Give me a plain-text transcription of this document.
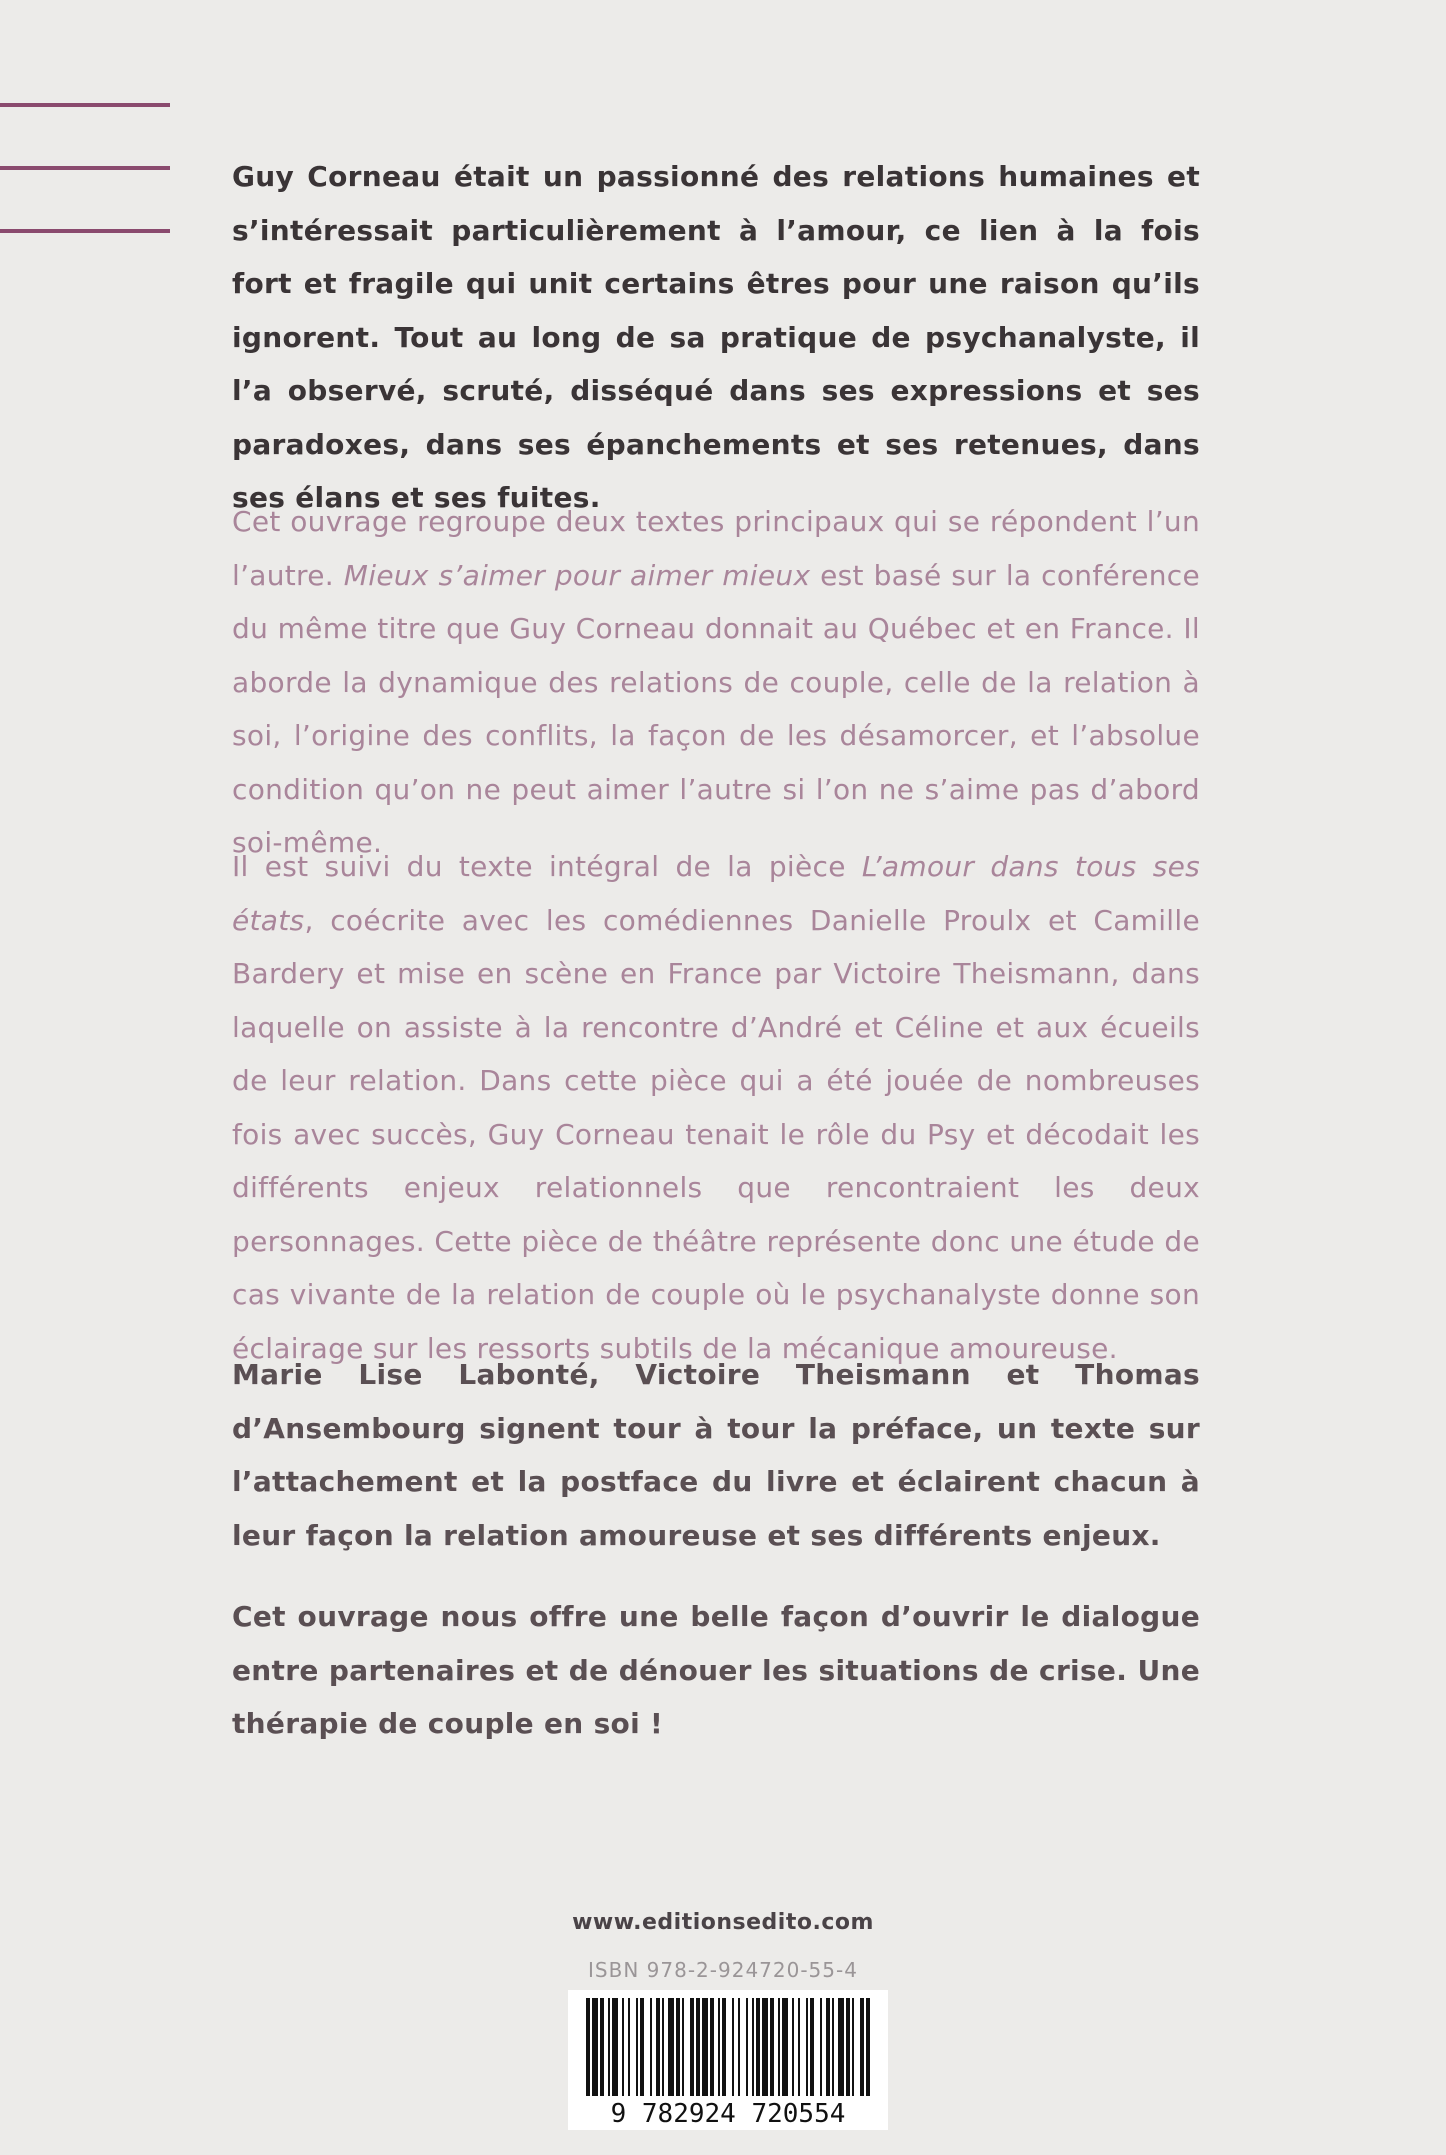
Guy Corneau était un passionné des relations humaines et s’intéressait particulièrement à l’amour, ce lien à la fois fort et fragile qui unit certains êtres pour une raison qu’ils ignorent. Tout au long de sa pratique de psychanalyste, il l’a observé, scruté, disséqué dans ses expressions et ses paradoxes, dans ses épanchements et ses retenues, dans ses élans et ses fuites.

Cet ouvrage regroupe deux textes principaux qui se répondent l’un l’autre. Mieux s’aimer pour aimer mieux est basé sur la conférence du même titre que Guy Corneau donnait au Québec et en France. Il aborde la dynamique des relations de couple, celle de la relation à soi, l’origine des conflits, la façon de les désamorcer, et l’absolue condition qu’on ne peut aimer l’autre si l’on ne s’aime pas d’abord soi-même.

Il est suivi du texte intégral de la pièce L’amour dans tous ses états, coécrite avec les comédiennes Danielle Proulx et Camille Bardery et mise en scène en France par Victoire Theismann, dans laquelle on assiste à la rencontre d’André et Céline et aux écueils de leur relation. Dans cette pièce qui a été jouée de nombreuses fois avec succès, Guy Corneau tenait le rôle du Psy et décodait les différents enjeux relationnels que rencontraient les deux personnages. Cette pièce de théâtre représente donc une étude de cas vivante de la relation de couple où le psychanalyste donne son éclairage sur les ressorts subtils de la mécanique amoureuse.

Marie Lise Labonté, Victoire Theismann et Thomas d’Ansembourg signent tour à tour la préface, un texte sur l’attachement et la postface du livre et éclairent chacun à leur façon la relation amoureuse et ses différents enjeux.

Cet ouvrage nous offre une belle façon d’ouvrir le dialogue entre partenaires et de dénouer les situations de crise. Une thérapie de couple en soi !

www.editionsedito.com
ISBN 978-2-924720-55-4
9 782924 720554
